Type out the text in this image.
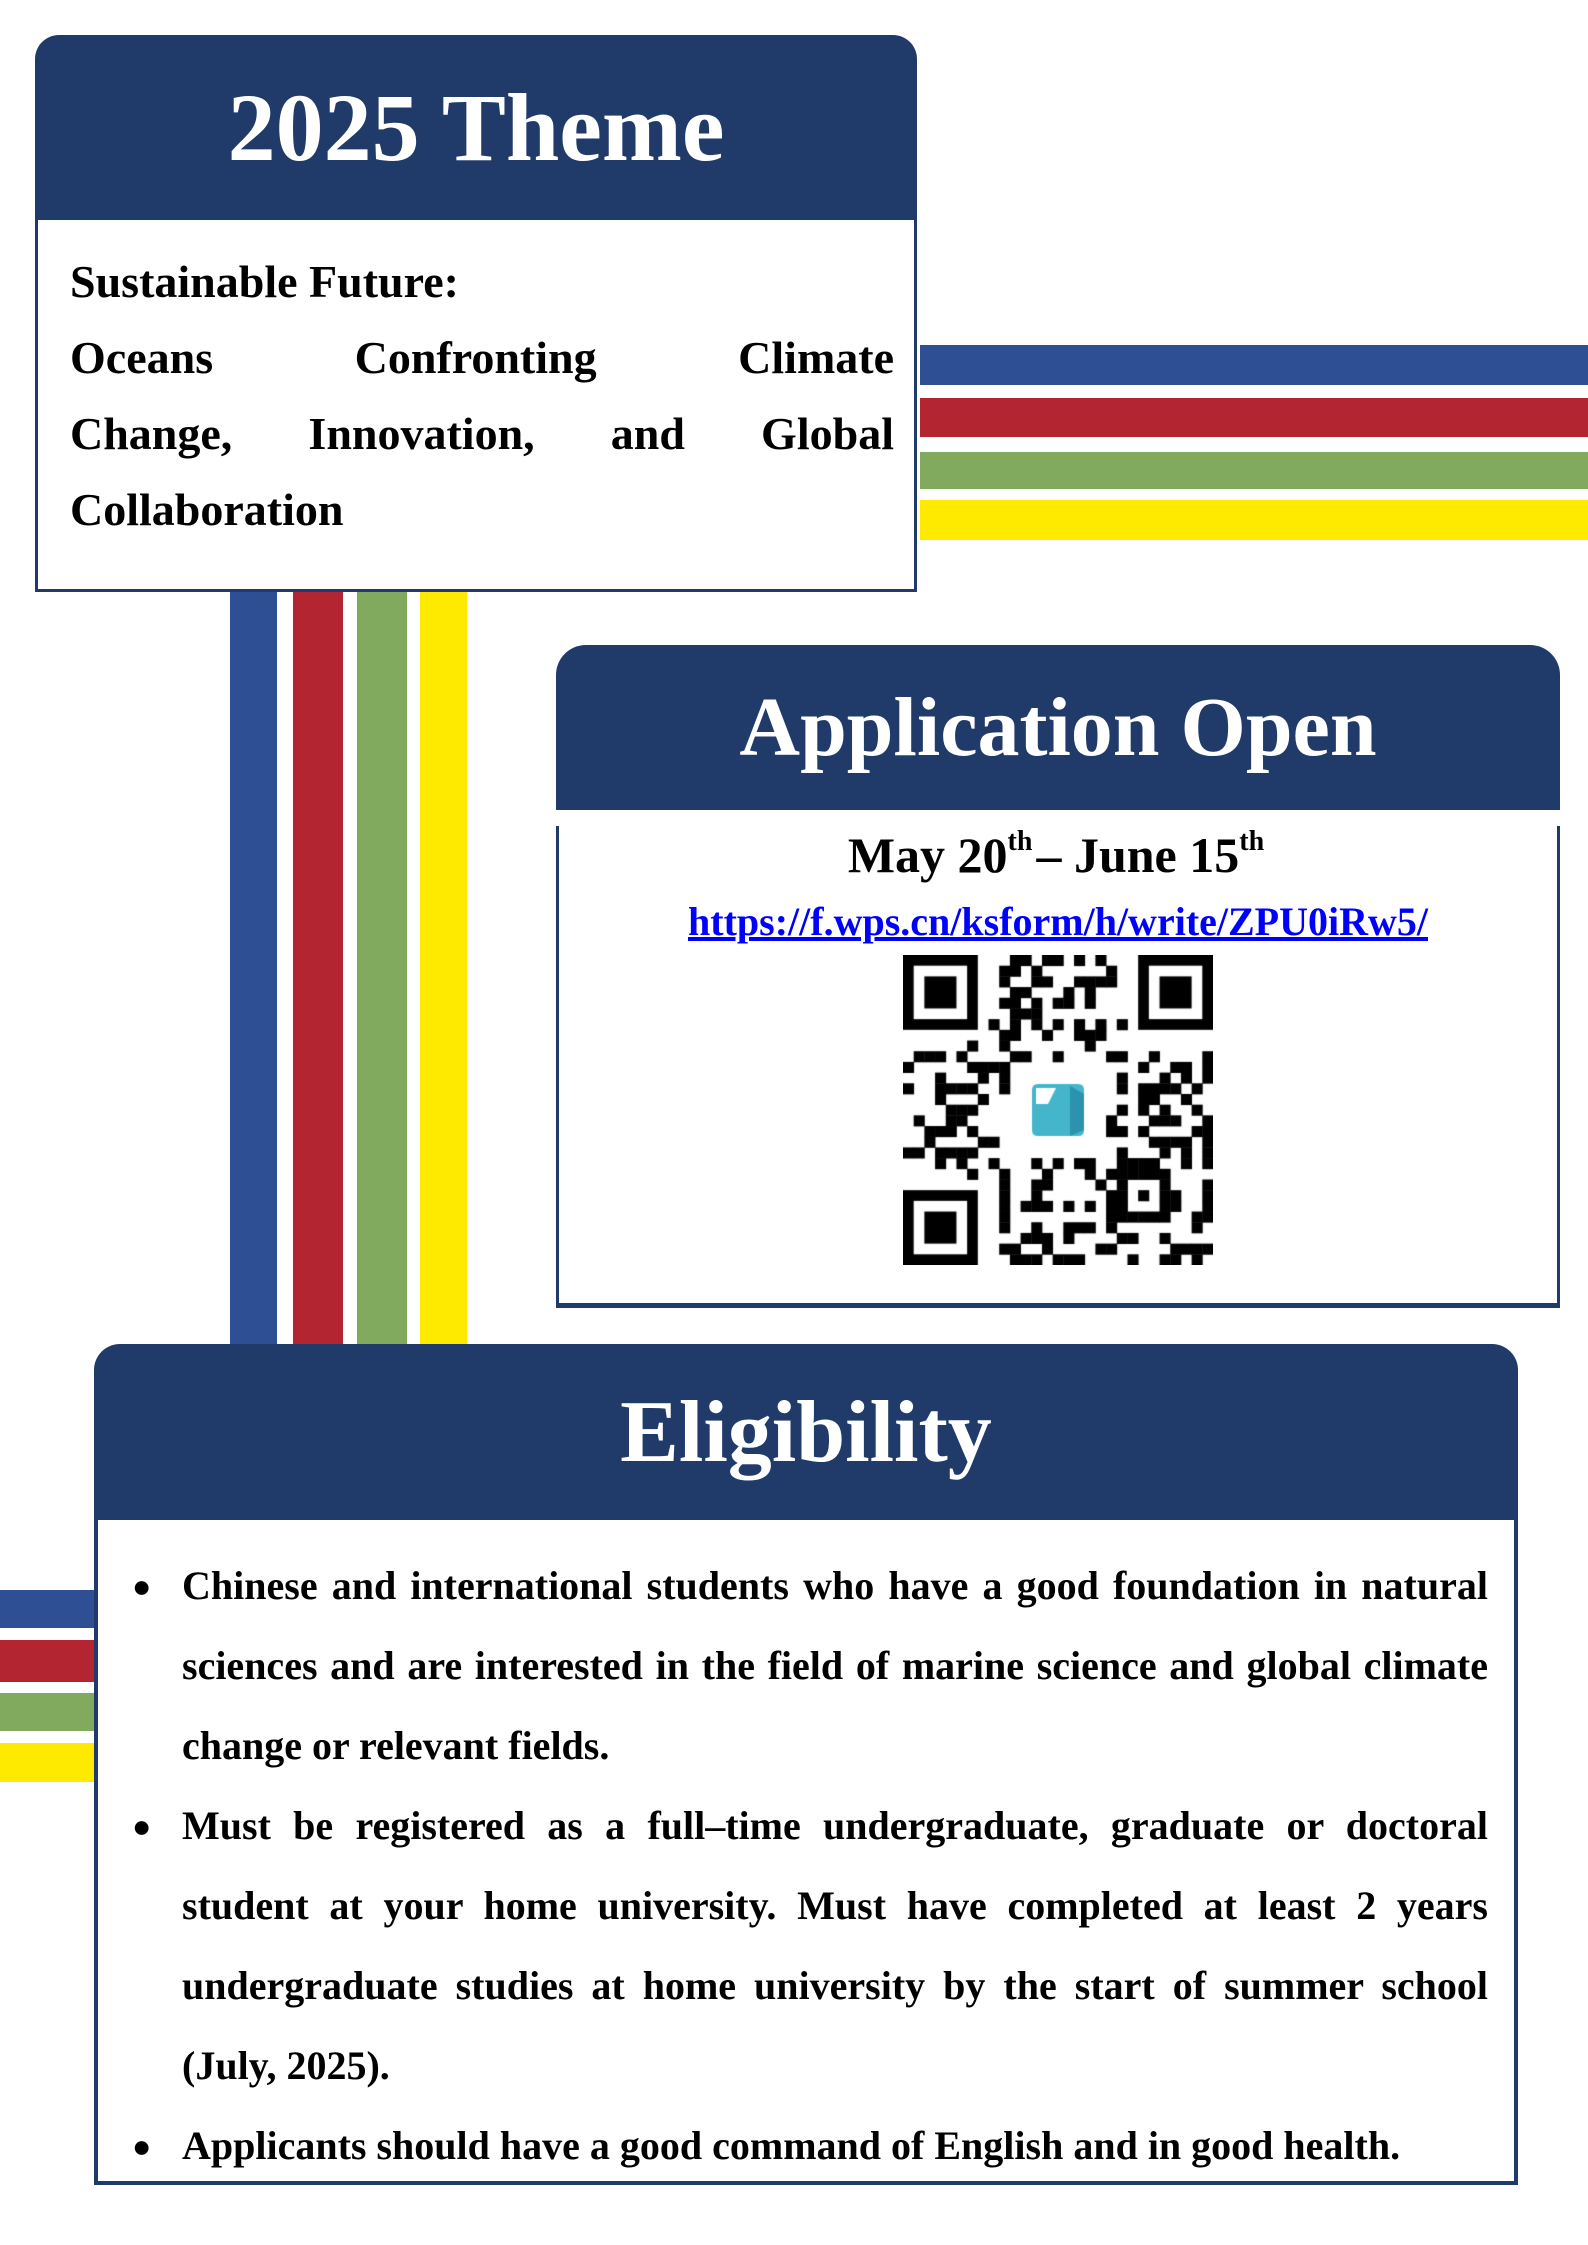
2025 Theme
Sustainable Future:
Oceans Confronting Climate
Change, Innovation, and Global
Collaboration
Application Open
May 20th– June 15th
https://f.wps.cn/ksform/h/write/ZPU0iRw5/
Eligibility
● Chinese and international students who have a good foundation in natural sciences and are interested in the field of marine science and global climate change or relevant fields.
● Must be registered as a full–time undergraduate, graduate or doctoral student at your home university. Must have completed at least 2 years undergraduate studies at home university by the start of summer school (July, 2025).
● Applicants should have a good command of English and in good health.
